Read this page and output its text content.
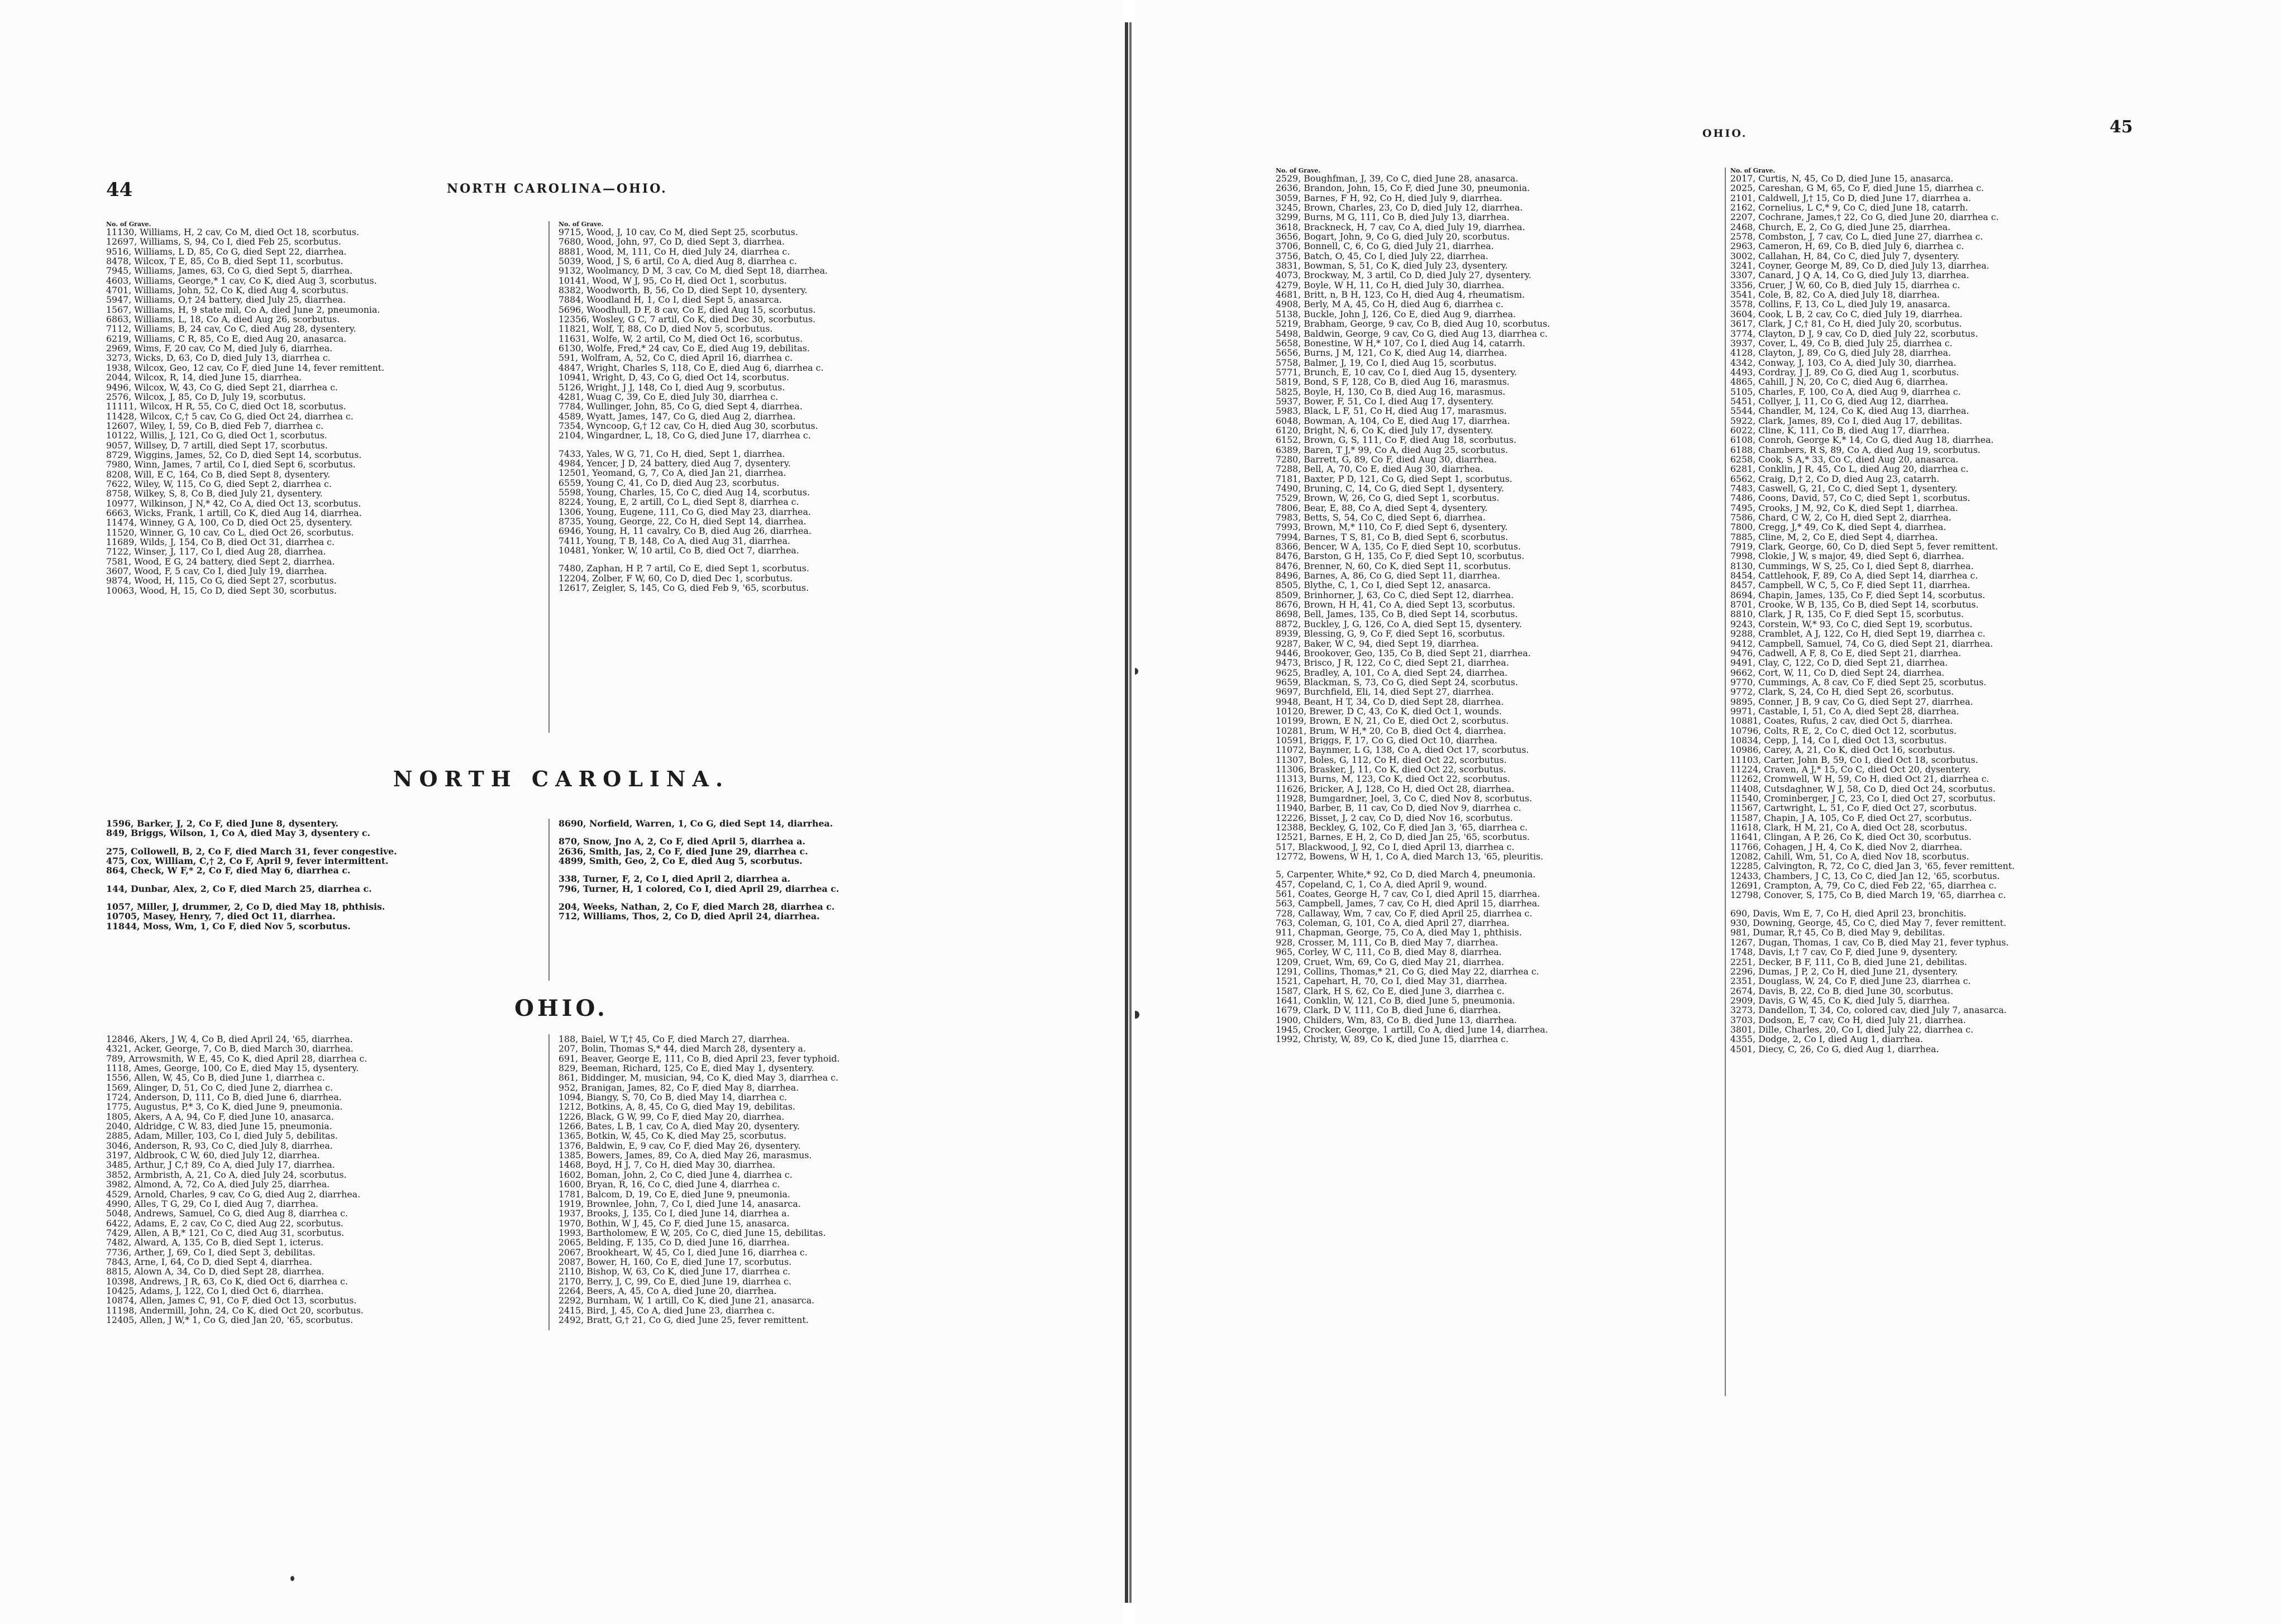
44	NORTH CAROLINA—OHIO.
No. of Grave.
11130, Williams, H, 2 cav, Co M, died Oct 18, scorbutus.
12697, Williams, S, 94, Co I, died Feb 25, scorbutus.
9516, Williams, L D, 85, Co G, died Sept 22, diarrhea.
8478, Wilcox, T E, 85, Co B, died Sept 11, scorbutus.
7945, Williams, James, 63, Co G, died Sept 5, diarrhea.
4603, Williams, George,* 1 cav, Co K, died Aug 3, scorbutus.
4701, Williams, John, 52, Co K, died Aug 4, scorbutus.
5947, Williams, O,† 24 battery, died July 25, diarrhea.
1567, Williams, H, 9 state mil, Co A, died June 2, pneumonia.
6863, Williams, L, 18, Co A, died Aug 26, scorbutus.
7112, Williams, B, 24 cav, Co C, died Aug 28, dysentery.
6219, Williams, C R, 85, Co E, died Aug 20, anasarca.
2969, Wims, F, 20 cav, Co M, died July 6, diarrhea.
3273, Wicks, D, 63, Co D, died July 13, diarrhea c.
1938, Wilcox, Geo, 12 cav, Co F, died June 14, fever remittent.
2044, Wilcox, R, 14, died June 15, diarrhea.
9496, Wilcox, W, 43, Co G, died Sept 21, diarrhea c.
2576, Wilcox, J, 85, Co D, July 19, scorbutus.
11111, Wilcox, H R, 55, Co C, died Oct 18, scorbutus.
11428, Wilcox, C,† 5 cav, Co G, died Oct 24, diarrhea c.
12607, Wiley, I, 59, Co B, died Feb 7, diarrhea c.
10122, Willis, J, 121, Co G, died Oct 1, scorbutus.
9057, Willsey, D, 7 artill, died Sept 17, scorbutus.
8729, Wiggins, James, 52, Co D, died Sept 14, scorbutus.
7980, Winn, James, 7 artil, Co I, died Sept 6, scorbutus.
8208, Will, E C, 164, Co B, died Sept 8, dysentery.
7622, Wiley, W, 115, Co G, died Sept 2, diarrhea c.
8758, Wilkey, S, 8, Co B, died July 21, dysentery.
10977, Wilkinson, J N,* 42, Co A, died Oct 13, scorbutus.
6663, Wicks, Frank, 1 artill, Co K, died Aug 14, diarrhea.
11474, Winney, G A, 100, Co D, died Oct 25, dysentery.
11520, Winner, G, 10 cav, Co L, died Oct 26, scorbutus.
11689, Wilds, J, 154, Co B, died Oct 31, diarrhea c.
7122, Winser, J, 117, Co I, died Aug 28, diarrhea.
7581, Wood, E G, 24 battery, died Sept 2, diarrhea.
3607, Wood, F, 5 cav, Co I, died July 19, diarrhea.
9874, Wood, H, 115, Co G, died Sept 27, scorbutus.
10063, Wood, H, 15, Co D, died Sept 30, scorbutus.
No. of Grave.
9715, Wood, J, 10 cav, Co M, died Sept 25, scorbutus.
7680, Wood, John, 97, Co D, died Sept 3, diarrhea.
8881, Wood, M, 111, Co H, died July 24, diarrhea c.
5039, Wood, J S, 6 artil, Co A, died Aug 8, diarrhea c.
9132, Woolmancy, D M, 3 cav, Co M, died Sept 18, diarrhea.
10141, Wood, W J, 95, Co H, died Oct 1, scorbutus.
8382, Woodworth, B, 56, Co D, died Sept 10, dysentery.
7884, Woodland H, 1, Co I, died Sept 5, anasarca.
5696, Woodhull, D F, 8 cav, Co E, died Aug 15, scorbutus.
12356, Wosley, G C, 7 artil, Co K, died Dec 30, scorbutus.
11821, Wolf, T, 88, Co D, died Nov 5, scorbutus.
11631, Wolfe, W, 2 artil, Co M, died Oct 16, scorbutus.
6130, Wolfe, Fred,* 24 cav, Co E, died Aug 19, debilitas.
591, Wolfram, A, 52, Co C, died April 16, diarrhea c.
4847, Wright, Charles S, 118, Co E, died Aug 6, diarrhea c.
10941, Wright, D, 43, Co G, died Oct 14, scorbutus.
5126, Wright, J J, 148, Co I, died Aug 9, scorbutus.
4281, Wuag C, 39, Co E, died July 30, diarrhea c.
7784, Wullinger, John, 85, Co G, died Sept 4, diarrhea.
4589, Wyatt, James, 147, Co G, died Aug 2, diarrhea.
7354, Wyncoop, G,† 12 cav, Co H, died Aug 30, scorbutus.
2104, Wingardner, L, 18, Co G, died June 17, diarrhea c.
7433, Yales, W G, 71, Co H, died, Sept 1, diarrhea.
4984, Yencer, J D, 24 battery, died Aug 7, dysentery.
12501, Yeomand, G, 7, Co A, died Jan 21, diarrhea.
6559, Young C, 41, Co D, died Aug 23, scorbutus.
5598, Young, Charles, 15, Co C, died Aug 14, scorbutus.
8224, Young, E, 2 artill, Co L, died Sept 8, diarrhea c.
1306, Young, Eugene, 111, Co G, died May 23, diarrhea.
8735, Young, George, 22, Co H, died Sept 14, diarrhea.
6946, Young, H, 11 cavalry, Co B, died Aug 26, diarrhea.
7411, Young, T B, 148, Co A, died Aug 31, diarrhea.
10481, Yonker, W, 10 artil, Co B, died Oct 7, diarrhea.
7480, Zaphan, H P, 7 artil, Co E, died Sept 1, scorbutus.
12204, Zolber, F W, 60, Co D, died Dec 1, scorbutus.
12617, Zeigler, S, 145, Co G, died Feb 9, '65, scorbutus.
NORTH CAROLINA.
1596, Barker, J, 2, Co F, died June 8, dysentery.
849, Briggs, Wilson, 1, Co A, died May 3, dysentery c.
275, Collowell, B, 2, Co F, died March 31, fever congestive.
475, Cox, William, C,† 2, Co F, April 9, fever intermittent.
864, Check, W F,* 2, Co F, died May 6, diarrhea c.
144, Dunbar, Alex, 2, Co F, died March 25, diarrhea c.
1057, Miller, J, drummer, 2, Co D, died May 18, phthisis.
10705, Masey, Henry, 7, died Oct 11, diarrhea.
11844, Moss, Wm, 1, Co F, died Nov 5, scorbutus.
8690, Norfield, Warren, 1, Co G, died Sept 14, diarrhea.
870, Snow, Jno A, 2, Co F, died April 5, diarrhea a.
2636, Smith, Jas, 2, Co F, died June 29, diarrhea c.
4899, Smith, Geo, 2, Co E, died Aug 5, scorbutus.
338, Turner, F, 2, Co I, died April 2, diarrhea a.
796, Turner, H, 1 colored, Co I, died April 29, diarrhea c.
204, Weeks, Nathan, 2, Co F, died March 28, diarrhea c.
712, Williams, Thos, 2, Co D, died April 24, diarrhea.
OHIO.
12846, Akers, J W, 4, Co B, died April 24, '65, diarrhea.
4321, Acker, George, 7, Co B, died March 30, diarrhea.
789, Arrowsmith, W E, 45, Co K, died April 28, diarrhea c.
1118, Ames, George, 100, Co E, died May 15, dysentery.
1556, Allen, W, 45, Co B, died June 1, diarrhea c.
1569, Alinger, D, 51, Co C, died June 2, diarrhea c.
1724, Anderson, D, 111, Co B, died June 6, diarrhea.
1775, Augustus, P,* 3, Co K, died June 9, pneumonia.
1805, Akers, A A, 94, Co F, died June 10, anasarca.
2040, Aldridge, C W, 83, died June 15, pneumonia.
2885, Adam, Miller, 103, Co I, died July 5, debilitas.
3046, Anderson, R, 93, Co C, died July 8, diarrhea.
3197, Aldbrook, C W, 60, died July 12, diarrhea.
3485, Arthur, J C,† 89, Co A, died July 17, diarrhea.
3852, Armbristh, A, 21, Co A, died July 24, scorbutus.
3982, Almond, A, 72, Co A, died July 25, diarrhea.
4529, Arnold, Charles, 9 cav, Co G, died Aug 2, diarrhea.
4990, Alles, T G, 29, Co I, died Aug 7, diarrhea.
5048, Andrews, Samuel, Co G, died Aug 8, diarrhea c.
6422, Adams, E, 2 cav, Co C, died Aug 22, scorbutus.
7429, Allen, A B,* 121, Co C, died Aug 31, scorbutus.
7482, Alward, A, 135, Co B, died Sept 1, icterus.
7736, Arther, J, 69, Co I, died Sept 3, debilitas.
7843, Arne, I, 64, Co D, died Sept 4, diarrhea.
8815, Alown A, 34, Co D, died Sept 28, diarrhea.
10398, Andrews, J R, 63, Co K, died Oct 6, diarrhea c.
10425, Adams, J, 122, Co I, died Oct 6, diarrhea.
10874, Allen, James C, 91, Co F, died Oct 13, scorbutus.
11198, Andermill, John, 24, Co K, died Oct 20, scorbutus.
12405, Allen, J W,* 1, Co G, died Jan 20, '65, scorbutus.
188, Baiel, W T,† 45, Co F, died March 27, diarrhea.
207, Bolin, Thomas S,* 44, died March 28, dysentery a.
691, Beaver, George E, 111, Co B, died April 23, fever typhoid.
829, Beeman, Richard, 125, Co E, died May 1, dysentery.
861, Biddinger, M, musician, 94, Co K, died May 3, diarrhea c.
952, Branigan, James, 82, Co F, died May 8, diarrhea.
1094, Biangy, S, 70, Co B, died May 14, diarrhea c.
1212, Botkins, A, 8, 45, Co G, died May 19, debilitas.
1226, Black, G W, 99, Co F, died May 20, diarrhea.
1266, Bates, L B, 1 cav, Co A, died May 20, dysentery.
1365, Botkin, W, 45, Co K, died May 25, scorbutus.
1376, Baldwin, E, 9 cav, Co F, died May 26, dysentery.
1385, Bowers, James, 89, Co A, died May 26, marasmus.
1468, Boyd, H J, 7, Co H, died May 30, diarrhea.
1602, Boman, John, 2, Co C, died June 4, diarrhea c.
1600, Bryan, R, 16, Co C, died June 4, diarrhea c.
1781, Balcom, D, 19, Co E, died June 9, pneumonia.
1919, Brownlee, John, 7, Co I, died June 14, anasarca.
1937, Brooks, J, 135, Co I, died June 14, diarrhea a.
1970, Bothin, W J, 45, Co F, died June 15, anasarca.
1993, Bartholomew, E W, 205, Co C, died June 15, debilitas.
2065, Belding, F, 135, Co D, died June 16, diarrhea.
2067, Brookheart, W, 45, Co I, died June 16, diarrhea c.
2087, Bower, H, 160, Co E, died June 17, scorbutus.
2110, Bishop, W, 63, Co K, died June 17, diarrhea c.
2170, Berry, J, C, 99, Co E, died June 19, diarrhea c.
2264, Beers, A, 45, Co A, died June 20, diarrhea.
2292, Burnham, W, 1 artill, Co K, died June 21, anasarca.
2415, Bird, J, 45, Co A, died June 23, diarrhea c.
2492, Bratt, G,† 21, Co G, died June 25, fever remittent.
OHIO.	45
No. of Grave.
2529, Boughfman, J, 39, Co C, died June 28, anasarca.
2636, Brandon, John, 15, Co F, died June 30, pneumonia.
3059, Barnes, F H, 92, Co H, died July 9, diarrhea.
3245, Brown, Charles, 23, Co D, died July 12, diarrhea.
3299, Burns, M G, 111, Co B, died July 13, diarrhea.
3618, Brackneck, H, 7 cav, Co A, died July 19, diarrhea.
3656, Bogart, John, 9, Co G, died July 20, scorbutus.
3706, Bonnell, C, 6, Co G, died July 21, diarrhea.
3756, Batch, O, 45, Co I, died July 22, diarrhea.
3831, Bowman, S, 51, Co K, died July 23, dysentery.
4073, Brockway, M, 3 artil, Co D, died July 27, dysentery.
4279, Boyle, W H, 11, Co H, died July 30, diarrhea.
4681, Britt, n, B H, 123, Co H, died Aug 4, rheumatism.
4908, Berly, M A, 45, Co H, died Aug 6, diarrhea c.
5138, Buckle, John J, 126, Co E, died Aug 9, diarrhea.
5219, Brabham, George, 9 cav, Co B, died Aug 10, scorbutus.
5498, Baldwin, George, 9 cav, Co G, died Aug 13, diarrhea c.
5658, Bonestine, W H,* 107, Co I, died Aug 14, catarrh.
5656, Burns, J M, 121, Co K, died Aug 14, diarrhea.
5758, Balmer, J, 19, Co I, died Aug 15, scorbutus.
5771, Brunch, E, 10 cav, Co I, died Aug 15, dysentery.
5819, Bond, S F, 128, Co B, died Aug 16, marasmus.
5825, Boyle, H, 130, Co B, died Aug 16, marasmus.
5937, Bower, F, 51, Co I, died Aug 17, dysentery.
5983, Black, L F, 51, Co H, died Aug 17, marasmus.
6048, Bowman, A, 104, Co E, died Aug 17, diarrhea.
6120, Bright, N, 6, Co K, died July 17, dysentery.
6152, Brown, G, S, 111, Co F, died Aug 18, scorbutus.
6389, Baren, T J,* 99, Co A, died Aug 25, scorbutus.
7280, Barrett, G, 89, Co F, died Aug 30, diarrhea.
7288, Bell, A, 70, Co E, died Aug 30, diarrhea.
7181, Baxter, P D, 121, Co G, died Sept 1, scorbutus.
7490, Bruning, C, 14, Co G, died Sept 1, dysentery.
7529, Brown, W, 26, Co G, died Sept 1, scorbutus.
7806, Bear, E, 88, Co A, died Sept 4, dysentery.
7983, Betts, S, 54, Co C, died Sept 6, diarrhea.
7993, Brown, M,* 110, Co F, died Sept 6, dysentery.
7994, Barnes, T S, 81, Co B, died Sept 6, scorbutus.
8366, Bencer, W A, 135, Co F, died Sept 10, scorbutus.
8476, Barston, G H, 135, Co F, died Sept 10, scorbutus.
8476, Brenner, N, 60, Co K, died Sept 11, scorbutus.
8496, Barnes, A, 86, Co G, died Sept 11, diarrhea.
8505, Blythe, C, 1, Co I, died Sept 12, anasarca.
8509, Brinhorner, J, 63, Co C, died Sept 12, diarrhea.
8676, Brown, H H, 41, Co A, died Sept 13, scorbutus.
8698, Bell, James, 135, Co B, died Sept 14, scorbutus.
8872, Buckley, J, G, 126, Co A, died Sept 15, dysentery.
8939, Blessing, G, 9, Co F, died Sept 16, scorbutus.
9287, Baker, W C, 94, died Sept 19, diarrhea.
9446, Brookover, Geo, 135, Co B, died Sept 21, diarrhea.
9473, Brisco, J R, 122, Co C, died Sept 21, diarrhea.
9625, Bradley, A, 101, Co A, died Sept 24, diarrhea.
9659, Blackman, S, 73, Co G, died Sept 24, scorbutus.
9697, Burchfield, Eli, 14, died Sept 27, diarrhea.
9948, Beant, H T, 34, Co D, died Sept 28, diarrhea.
10120, Brewer, D C, 43, Co K, died Oct 1, wounds.
10199, Brown, E N, 21, Co E, died Oct 2, scorbutus.
10281, Brum, W H,* 20, Co B, died Oct 4, diarrhea.
10591, Briggs, F, 17, Co G, died Oct 10, diarrhea.
11072, Baynmer, L G, 138, Co A, died Oct 17, scorbutus.
11307, Boles, G, 112, Co H, died Oct 22, scorbutus.
11306, Brasker, J, 11, Co K, died Oct 22, scorbutus.
11313, Burns, M, 123, Co K, died Oct 22, scorbutus.
11626, Bricker, A J, 128, Co H, died Oct 28, diarrhea.
11928, Bumgardner, Joel, 3, Co C, died Nov 8, scorbutus.
11940, Barber, B, 11 cav, Co D, died Nov 9, diarrhea c.
12226, Bisset, J, 2 cav, Co D, died Nov 16, scorbutus.
12388, Beckley, G, 102, Co F, died Jan 3, '65, diarrhea c.
12521, Barnes, E H, 2, Co D, died Jan 25, '65, scorbutus.
517, Blackwood, J, 92, Co I, died April 13, diarrhea c.
12772, Bowens, W H, 1, Co A, died March 13, '65, pleuritis.
5, Carpenter, White,* 92, Co D, died March 4, pneumonia.
457, Copeland, C, 1, Co A, died April 9, wound.
561, Coates, George H, 7 cav, Co I, died April 15, diarrhea.
563, Campbell, James, 7 cav, Co H, died April 15, diarrhea.
728, Callaway, Wm, 7 cav, Co F, died April 25, diarrhea c.
763, Coleman, G, 101, Co A, died April 27, diarrhea.
911, Chapman, George, 75, Co A, died May 1, phthisis.
928, Crosser, M, 111, Co B, died May 7, diarrhea.
965, Corley, W C, 111, Co B, died May 8, diarrhea.
1209, Cruet, Wm, 69, Co G, died May 21, diarrhea.
1291, Collins, Thomas,* 21, Co G, died May 22, diarrhea c.
1521, Capehart, H, 70, Co I, died May 31, diarrhea.
1587, Clark, H S, 62, Co E, died June 3, diarrhea c.
1641, Conklin, W, 121, Co B, died June 5, pneumonia.
1679, Clark, D V, 111, Co B, died June 6, diarrhea.
1900, Childers, Wm, 83, Co B, died June 13, diarrhea.
1945, Crocker, George, 1 artill, Co A, died June 14, diarrhea.
1992, Christy, W, 89, Co K, died June 15, diarrhea c.
No. of Grave.
2017, Curtis, N, 45, Co D, died June 15, anasarca.
2025, Careshan, G M, 65, Co F, died June 15, diarrhea c.
2101, Caldwell, J,† 15, Co D, died June 17, diarrhea a.
2162, Cornelius, L C,* 9, Co C, died June 18, catarrh.
2207, Cochrane, James,† 22, Co G, died June 20, diarrhea c.
2468, Church, E, 2, Co G, died June 25, diarrhea.
2578, Combston, J, 7 cav, Co L, died June 27, diarrhea c.
2963, Cameron, H, 69, Co B, died July 6, diarrhea c.
3002, Callahan, H, 84, Co C, died July 7, dysentery.
3241, Coyner, George M, 89, Co D, died July 13, diarrhea.
3307, Canard, J Q A, 14, Co G, died July 13, diarrhea.
3356, Cruer, J W, 60, Co B, died July 15, diarrhea c.
3541, Cole, B, 82, Co A, died July 18, diarrhea.
3578, Collins, F, 13, Co L, died July 19, anasarca.
3604, Cook, L B, 2 cav, Co C, died July 19, diarrhea.
3617, Clark, J C,† 81, Co H, died July 20, scorbutus.
3774, Clayton, D J, 9 cav, Co D, died July 22, scorbutus.
3937, Cover, L, 49, Co B, died July 25, diarrhea c.
4128, Clayton, J, 89, Co G, died July 28, diarrhea.
4342, Conway, J, 103, Co A, died July 30, diarrhea.
4493, Cordray, J J, 89, Co G, died Aug 1, scorbutus.
4865, Cahill, J N, 20, Co C, died Aug 6, diarrhea.
5105, Charles, F, 100, Co A, died Aug 9, diarrhea c.
5451, Collyer, J, 11, Co G, died Aug 12, diarrhea.
5544, Chandler, M, 124, Co K, died Aug 13, diarrhea.
5922, Clark, James, 89, Co I, died Aug 17, debilitas.
6022, Cline, K, 111, Co B, died Aug 17, diarrhea.
6108, Conroh, George K,* 14, Co G, died Aug 18, diarrhea.
6188, Chambers, R S, 89, Co A, died Aug 19, scorbutus.
6258, Cook, S A,* 33, Co C, died Aug 20, anasarca.
6281, Conklin, J R, 45, Co L, died Aug 20, diarrhea c.
6562, Craig, D,† 2, Co D, died Aug 23, catarrh.
7483, Caswell, G, 21, Co C, died Sept 1, dysentery.
7486, Coons, David, 57, Co C, died Sept 1, scorbutus.
7495, Crooks, J M, 92, Co K, died Sept 1, diarrhea.
7586, Chard, C W, 2, Co H, died Sept 2, diarrhea.
7800, Cregg, J,* 49, Co K, died Sept 4, diarrhea.
7885, Cline, M, 2, Co E, died Sept 4, diarrhea.
7919, Clark, George, 60, Co D, died Sept 5, fever remittent.
7998, Clokie, J W, s major, 49, died Sept 6, diarrhea.
8130, Cummings, W S, 25, Co I, died Sept 8, diarrhea.
8454, Cattlehook, F, 89, Co A, died Sept 14, diarrhea c.
8457, Campbell, W C, 5, Co F, died Sept 11, diarrhea.
8694, Chapin, James, 135, Co F, died Sept 14, scorbutus.
8701, Crooke, W B, 135, Co B, died Sept 14, scorbutus.
8810, Clark, J R, 135, Co F, died Sept 15, scorbutus.
9243, Corstein, W,* 93, Co C, died Sept 19, scorbutus.
9288, Cramblet, A J, 122, Co H, died Sept 19, diarrhea c.
9412, Campbell, Samuel, 74, Co G, died Sept 21, diarrhea.
9476, Cadwell, A F, 8, Co E, died Sept 21, diarrhea.
9491, Clay, C, 122, Co D, died Sept 21, diarrhea.
9662, Cort, W, 11, Co D, died Sept 24, diarrhea.
9770, Cummings, A, 8 cav, Co F, died Sept 25, scorbutus.
9772, Clark, S, 24, Co H, died Sept 26, scorbutus.
9895, Conner, J B, 9 cav, Co G, died Sept 27, diarrhea.
9971, Castable, I, 51, Co A, died Sept 28, diarrhea.
10881, Coates, Rufus, 2 cav, died Oct 5, diarrhea.
10796, Colts, R E, 2, Co C, died Oct 12, scorbutus.
10834, Cepp, J, 14, Co I, died Oct 13, scorbutus.
10986, Carey, A, 21, Co K, died Oct 16, scorbutus.
11103, Carter, John B, 59, Co I, died Oct 18, scorbutus.
11224, Craven, A J,* 15, Co C, died Oct 20, dysentery.
11262, Cromwell, W H, 59, Co H, died Oct 21, diarrhea c.
11408, Cutsdaghner, W J, 58, Co D, died Oct 24, scorbutus.
11540, Crominberger, J C, 23, Co I, died Oct 27, scorbutus.
11567, Cartwright, L, 51, Co F, died Oct 27, scorbutus.
11587, Chapin, J A, 105, Co F, died Oct 27, scorbutus.
11618, Clark, H M, 21, Co A, died Oct 28, scorbutus.
11641, Clingan, A P, 26, Co K, died Oct 30, scorbutus.
11766, Cohagen, J H, 4, Co K, died Nov 2, diarrhea.
12082, Cahill, Wm, 51, Co A, died Nov 18, scorbutus.
12285, Calvington, R, 72, Co C, died Jan 3, '65, fever remittent.
12433, Chambers, J C, 13, Co C, died Jan 12, '65, scorbutus.
12691, Crampton, A, 79, Co C, died Feb 22, '65, diarrhea c.
12798, Conover, S, 175, Co B, died March 19, '65, diarrhea c.
690, Davis, Wm E, 7, Co H, died April 23, bronchitis.
930, Downing, George, 45, Co C, died May 7, fever remittent.
981, Dumar, R,† 45, Co B, died May 9, debilitas.
1267, Dugan, Thomas, 1 cav, Co B, died May 21, fever typhus.
1748, Davis, I,† 7 cav, Co F, died June 9, dysentery.
2251, Decker, B F, 111, Co B, died June 21, debilitas.
2296, Dumas, J P, 2, Co H, died June 21, dysentery.
2351, Douglass, W, 24, Co F, died June 23, diarrhea c.
2674, Davis, B, 22, Co B, died June 30, scorbutus.
2909, Davis, G W, 45, Co K, died July 5, diarrhea.
3273, Dandellon, T, 34, Co, colored cav, died July 7, anasarca.
3703, Dodson, E, 7 cav, Co H, died July 21, diarrhea.
3801, Dille, Charles, 20, Co I, died July 22, diarrhea c.
4355, Dodge, 2, Co I, died Aug 1, diarrhea.
4501, Diecy, C, 26, Co G, died Aug 1, diarrhea.
